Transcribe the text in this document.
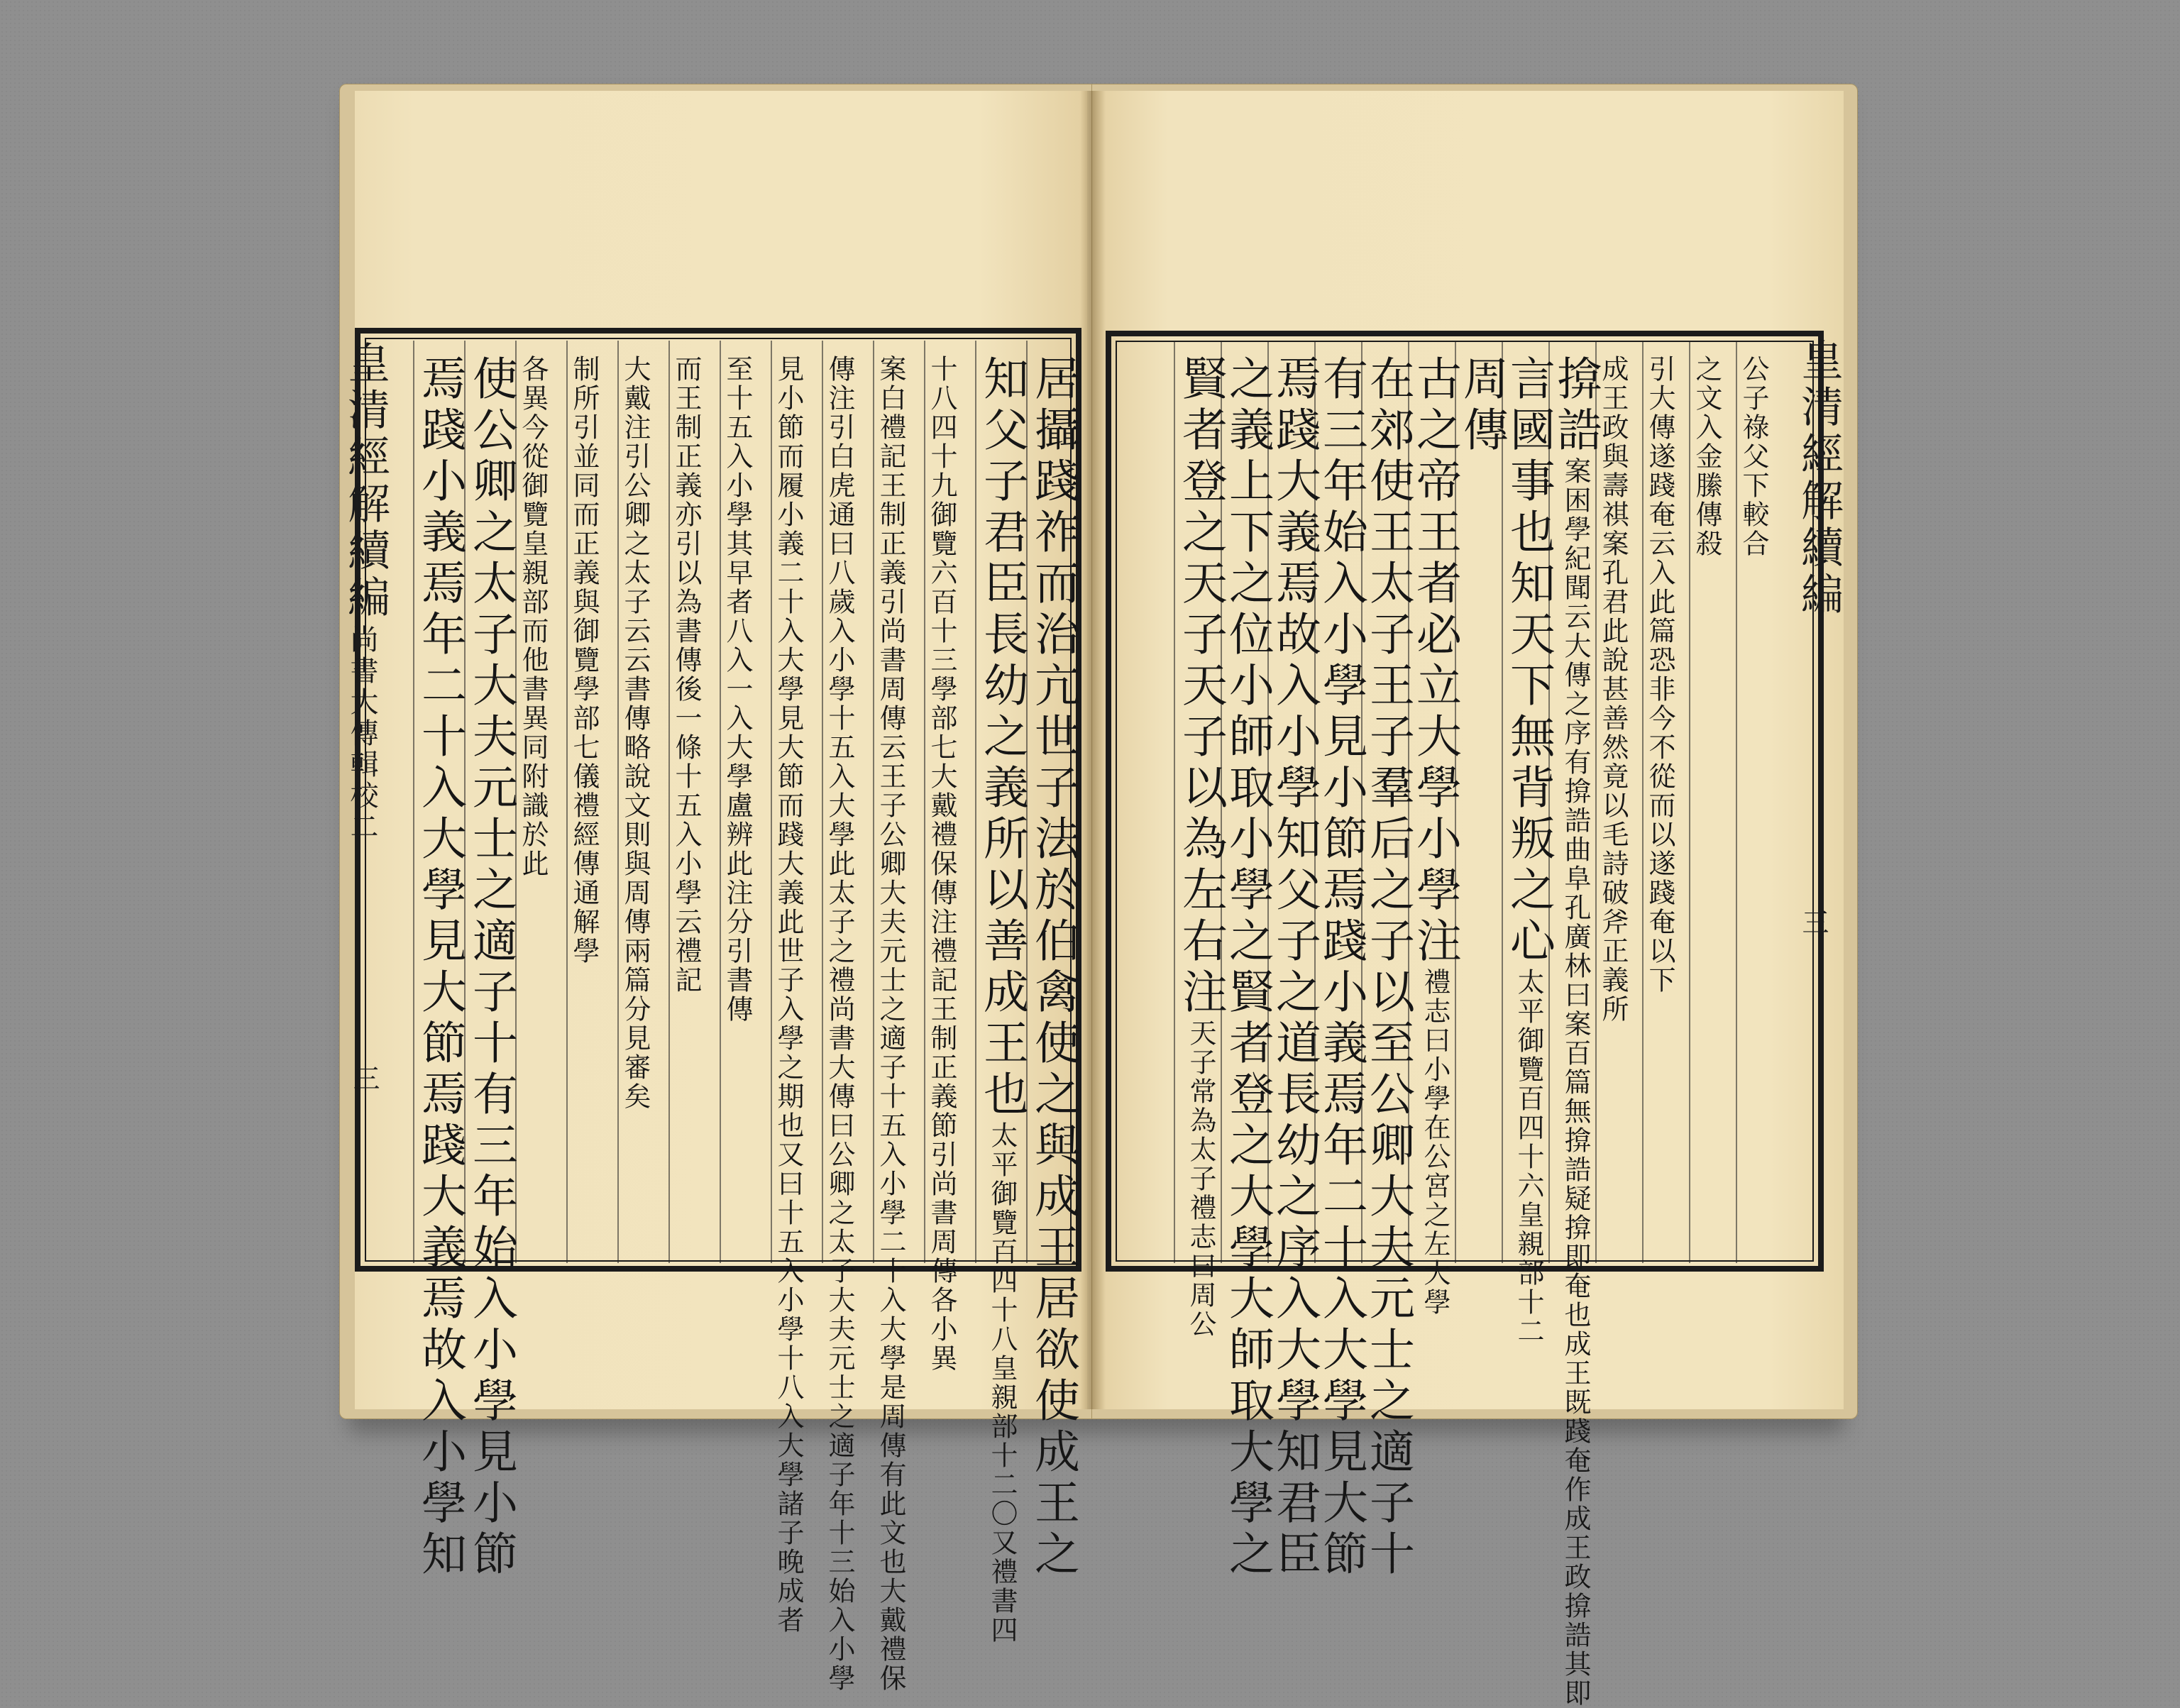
皇清經解續編
尚書大傳輯校二
三
皇清經解續編
三
居攝踐祚而治亢世子法於伯禽使之與成王居欲使成王之
知父子君臣長幼之義所以善成王也太平御覽百四十八皇親部十二〇又禮書四
十八四十九御覽六百十三學部七大戴禮保傳注禮記王制正義節引尚書周傳各小異
案白禮記王制正義引尚書周傳云王子公卿大夫元士之適子十五入小學二十入大學是周傳有此文也大戴禮保
傳注引白虎通曰八歲入小學十五入大學此太子之禮尚書大傳曰公卿之太子大夫元士之適子年十三始入小學
見小節而履小義二十入大學見大節而踐大義此世子入學之期也又曰十五入小學十八入大學諸子晚成者
至十五入小學其早者八入一入大學盧辨此注分引書傳
而王制正義亦引以為書傳後一條十五入小學云禮記
大戴注引公卿之太子云云書傳略說文則與周傳兩篇分見審矣
制所引並同而正義與御覽學部七儀禮經傳通解學
各異今從御覽皇親部而他書異同附識於此
使公卿之太子大夫元士之適子十有三年始入小學見小節
焉踐小義焉年二十入大學見大節焉踐大義焉故入小學知	公子祿父下較合
之文入金縢傳殺
引大傳遂踐奄云入此篇恐非今不從而以遂踐奄以下
成王政與壽祺案孔君此說甚善然竟以毛詩破斧正義所
揜誥案困學紀聞云大傳之序有揜誥曲阜孔廣林曰案百篇無揜誥疑揜即奄也成王既踐奄作成王政揜誥其即
言國事也知天下無背叛之心太平御覽百四十六皇親部十二
周傳
古之帝王者必立大學小學注禮志曰小學在公宮之左大學
在郊使王太子王子羣后之子以至公卿大夫元士之適子十
有三年始入小學見小節焉踐小義焉年二十入大學見大節
焉踐大義焉故入小學知父子之道長幼之序入大學知君臣
之義上下之位小師取小學之賢者登之大學大師取大學之
賢者登之天子天子以為左右注天子常為太子禮志曰周公
